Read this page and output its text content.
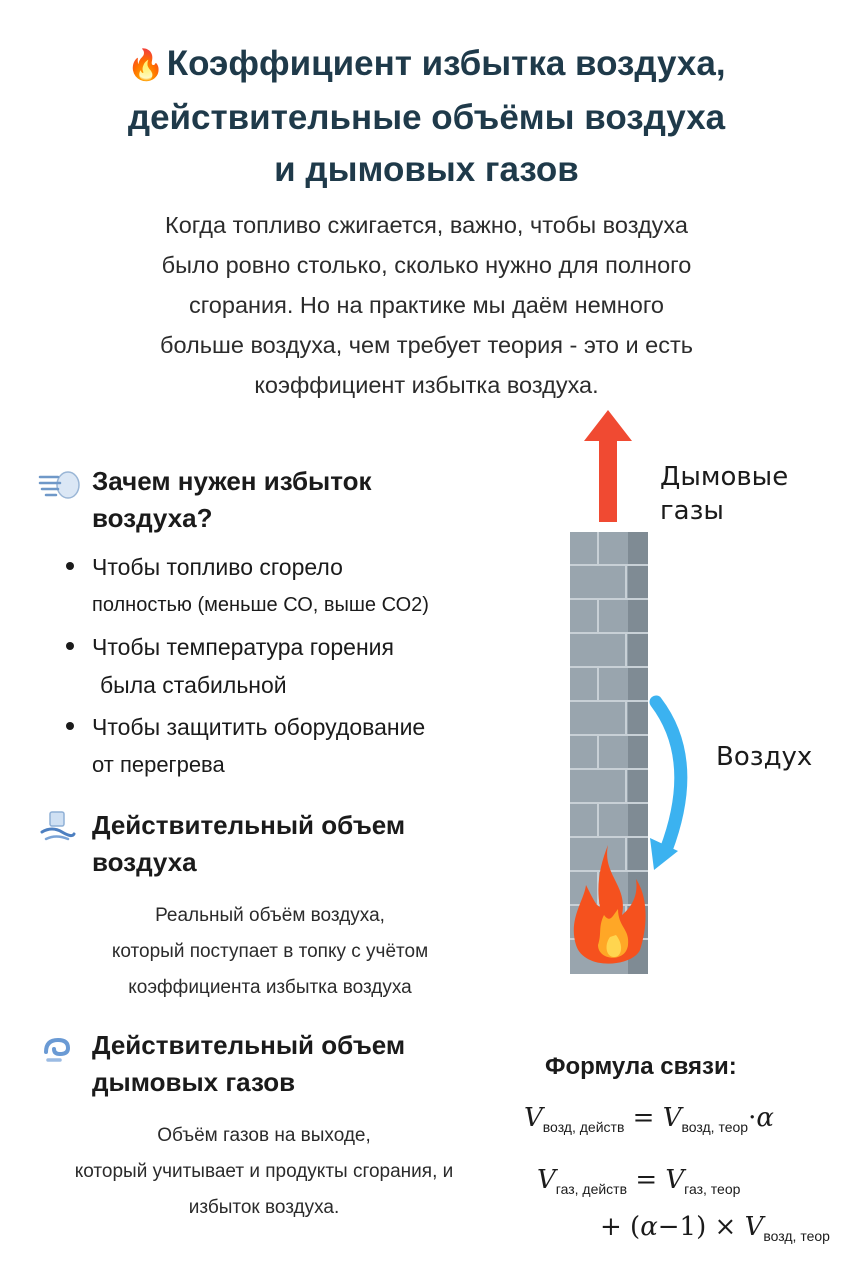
🔥Коэффициент избытка воздуха,
действительные объёмы воздуха
и дымовых газов
Когда топливо сжигается, важно, чтобы воздуха
было ровно столько, сколько нужно для полного
сгорания. Но на практике мы даём немного
больше воздуха, чем требует теория - это и есть
коэффициент избытка воздуха.
Зачем нужен избыток
воздуха?
Чтобы топливо сгорело
полностью (меньше СО, выше СО2)
Чтобы температура горения
была стабильной
Чтобы защитить оборудование
от перегрева
Действительный объем
воздуха
Реальный объём воздуха,
который поступает в топку с учётом
коэффициента избытка воздуха
Действительный объем
дымовых газов
Объём газов на выходе,
который учитывает и продукты сгорания, и
избыток воздуха.
Дымовые
газы
Воздух
Формула связи:
$V_{возд, действ} = V_{возд, теор}\cdot\alpha$
$V_{газ, действ} = V_{газ, теор}$
+ $(\alpha-1) \times V_{возд, теор}$
